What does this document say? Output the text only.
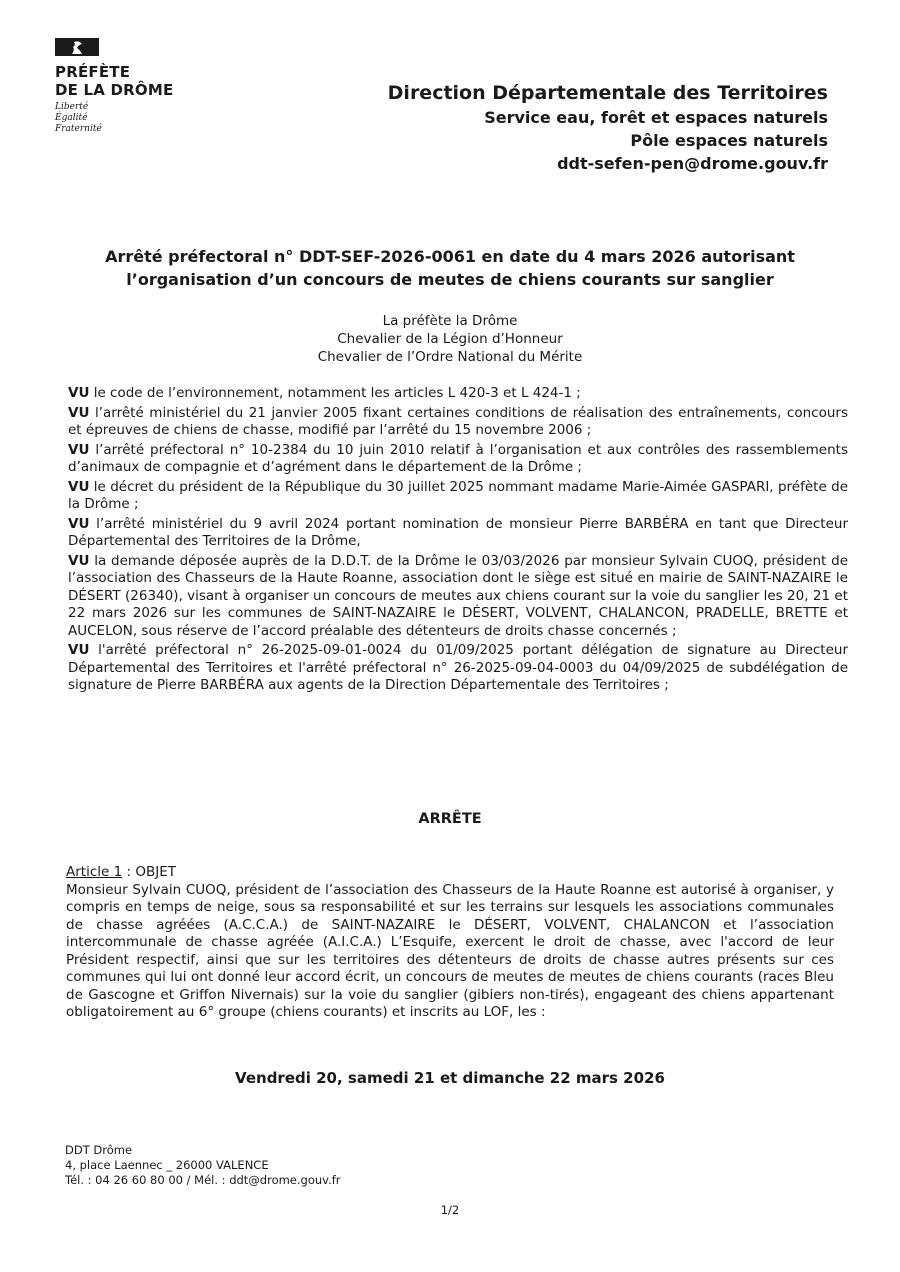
PRÉFÈTE
DE LA DRÔME
Liberté
Égalité
Fraternité
Direction Départementale des Territoires
Service eau, forêt et espaces naturels
Pôle espaces naturels
ddt-sefen-pen@drome.gouv.fr
Arrêté préfectoral n° DDT-SEF-2026-0061 en date du 4 mars 2026 autorisant
l’organisation d’un concours de meutes de chiens courants sur sanglier
La préfète la Drôme
Chevalier de la Légion d’Honneur
Chevalier de l’Ordre National du Mérite

VU le code de l’environnement, notamment les articles L 420-3 et L 424-1 ;

VU l’arrêté ministériel du 21 janvier 2005 fixant certaines conditions de réalisation des entraînements, concours et épreuves de chiens de chasse, modifié par l’arrêté du 15 novembre 2006 ;

VU l’arrêté préfectoral n° 10-2384 du 10 juin 2010 relatif à l’organisation et aux contrôles des rassemblements d’animaux de compagnie et d’agrément dans le département de la Drôme ;

VU le décret du président de la République du 30 juillet 2025 nommant madame Marie-Aimée GASPARI, préfète de la Drôme ;

VU l’arrêté ministériel du 9 avril 2024 portant nomination de monsieur Pierre BARBÉRA en tant que Directeur Départemental des Territoires de la Drôme,

VU la demande déposée auprès de la D.D.T. de la Drôme le 03/03/2026 par monsieur Sylvain CUOQ, président de l’association des Chasseurs de la Haute Roanne, association dont le siège est situé en mairie de SAINT-NAZAIRE le DÉSERT (26340), visant à organiser un concours de meutes aux chiens courant sur la voie du sanglier les 20, 21 et 22 mars 2026 sur les communes de SAINT-NAZAIRE le DÉSERT, VOLVENT, CHALANCON, PRADELLE, BRETTE et AUCELON, sous réserve de l’accord préalable des détenteurs de droits chasse concernés ;

VU l'arrêté préfectoral n° 26-2025-09-01-0024 du 01/09/2025 portant délégation de signature au Directeur Départemental des Territoires et l'arrêté préfectoral n° 26-2025-09-04-0003 du 04/09/2025 de subdélégation de signature de Pierre BARBÉRA aux agents de la Direction Départementale des Territoires ;

ARRÊTE

Article 1 : OBJET

Monsieur Sylvain CUOQ, président de l’association des Chasseurs de la Haute Roanne est autorisé à organiser, y compris en temps de neige, sous sa responsabilité et sur les terrains sur lesquels les associations communales de chasse agréées (A.C.C.A.) de SAINT-NAZAIRE le DÉSERT, VOLVENT, CHALANCON et l’association intercommunale de chasse agréée (A.I.C.A.) L’Esquife, exercent le droit de chasse, avec l'accord de leur Président respectif, ainsi que sur les territoires des détenteurs de droits de chasse autres présents sur ces communes qui lui ont donné leur accord écrit, un concours de meutes de meutes de chiens courants (races Bleu de Gascogne et Griffon Nivernais) sur la voie du sanglier (gibiers non-tirés), engageant des chiens appartenant obligatoirement au 6° groupe (chiens courants) et inscrits au LOF, les :

Vendredi 20, samedi 21 et dimanche 22 mars 2026
DDT Drôme
4, place Laennec _ 26000 VALENCE
Tél. : 04 26 60 80 00 / Mél. : ddt@drome.gouv.fr
1/2
